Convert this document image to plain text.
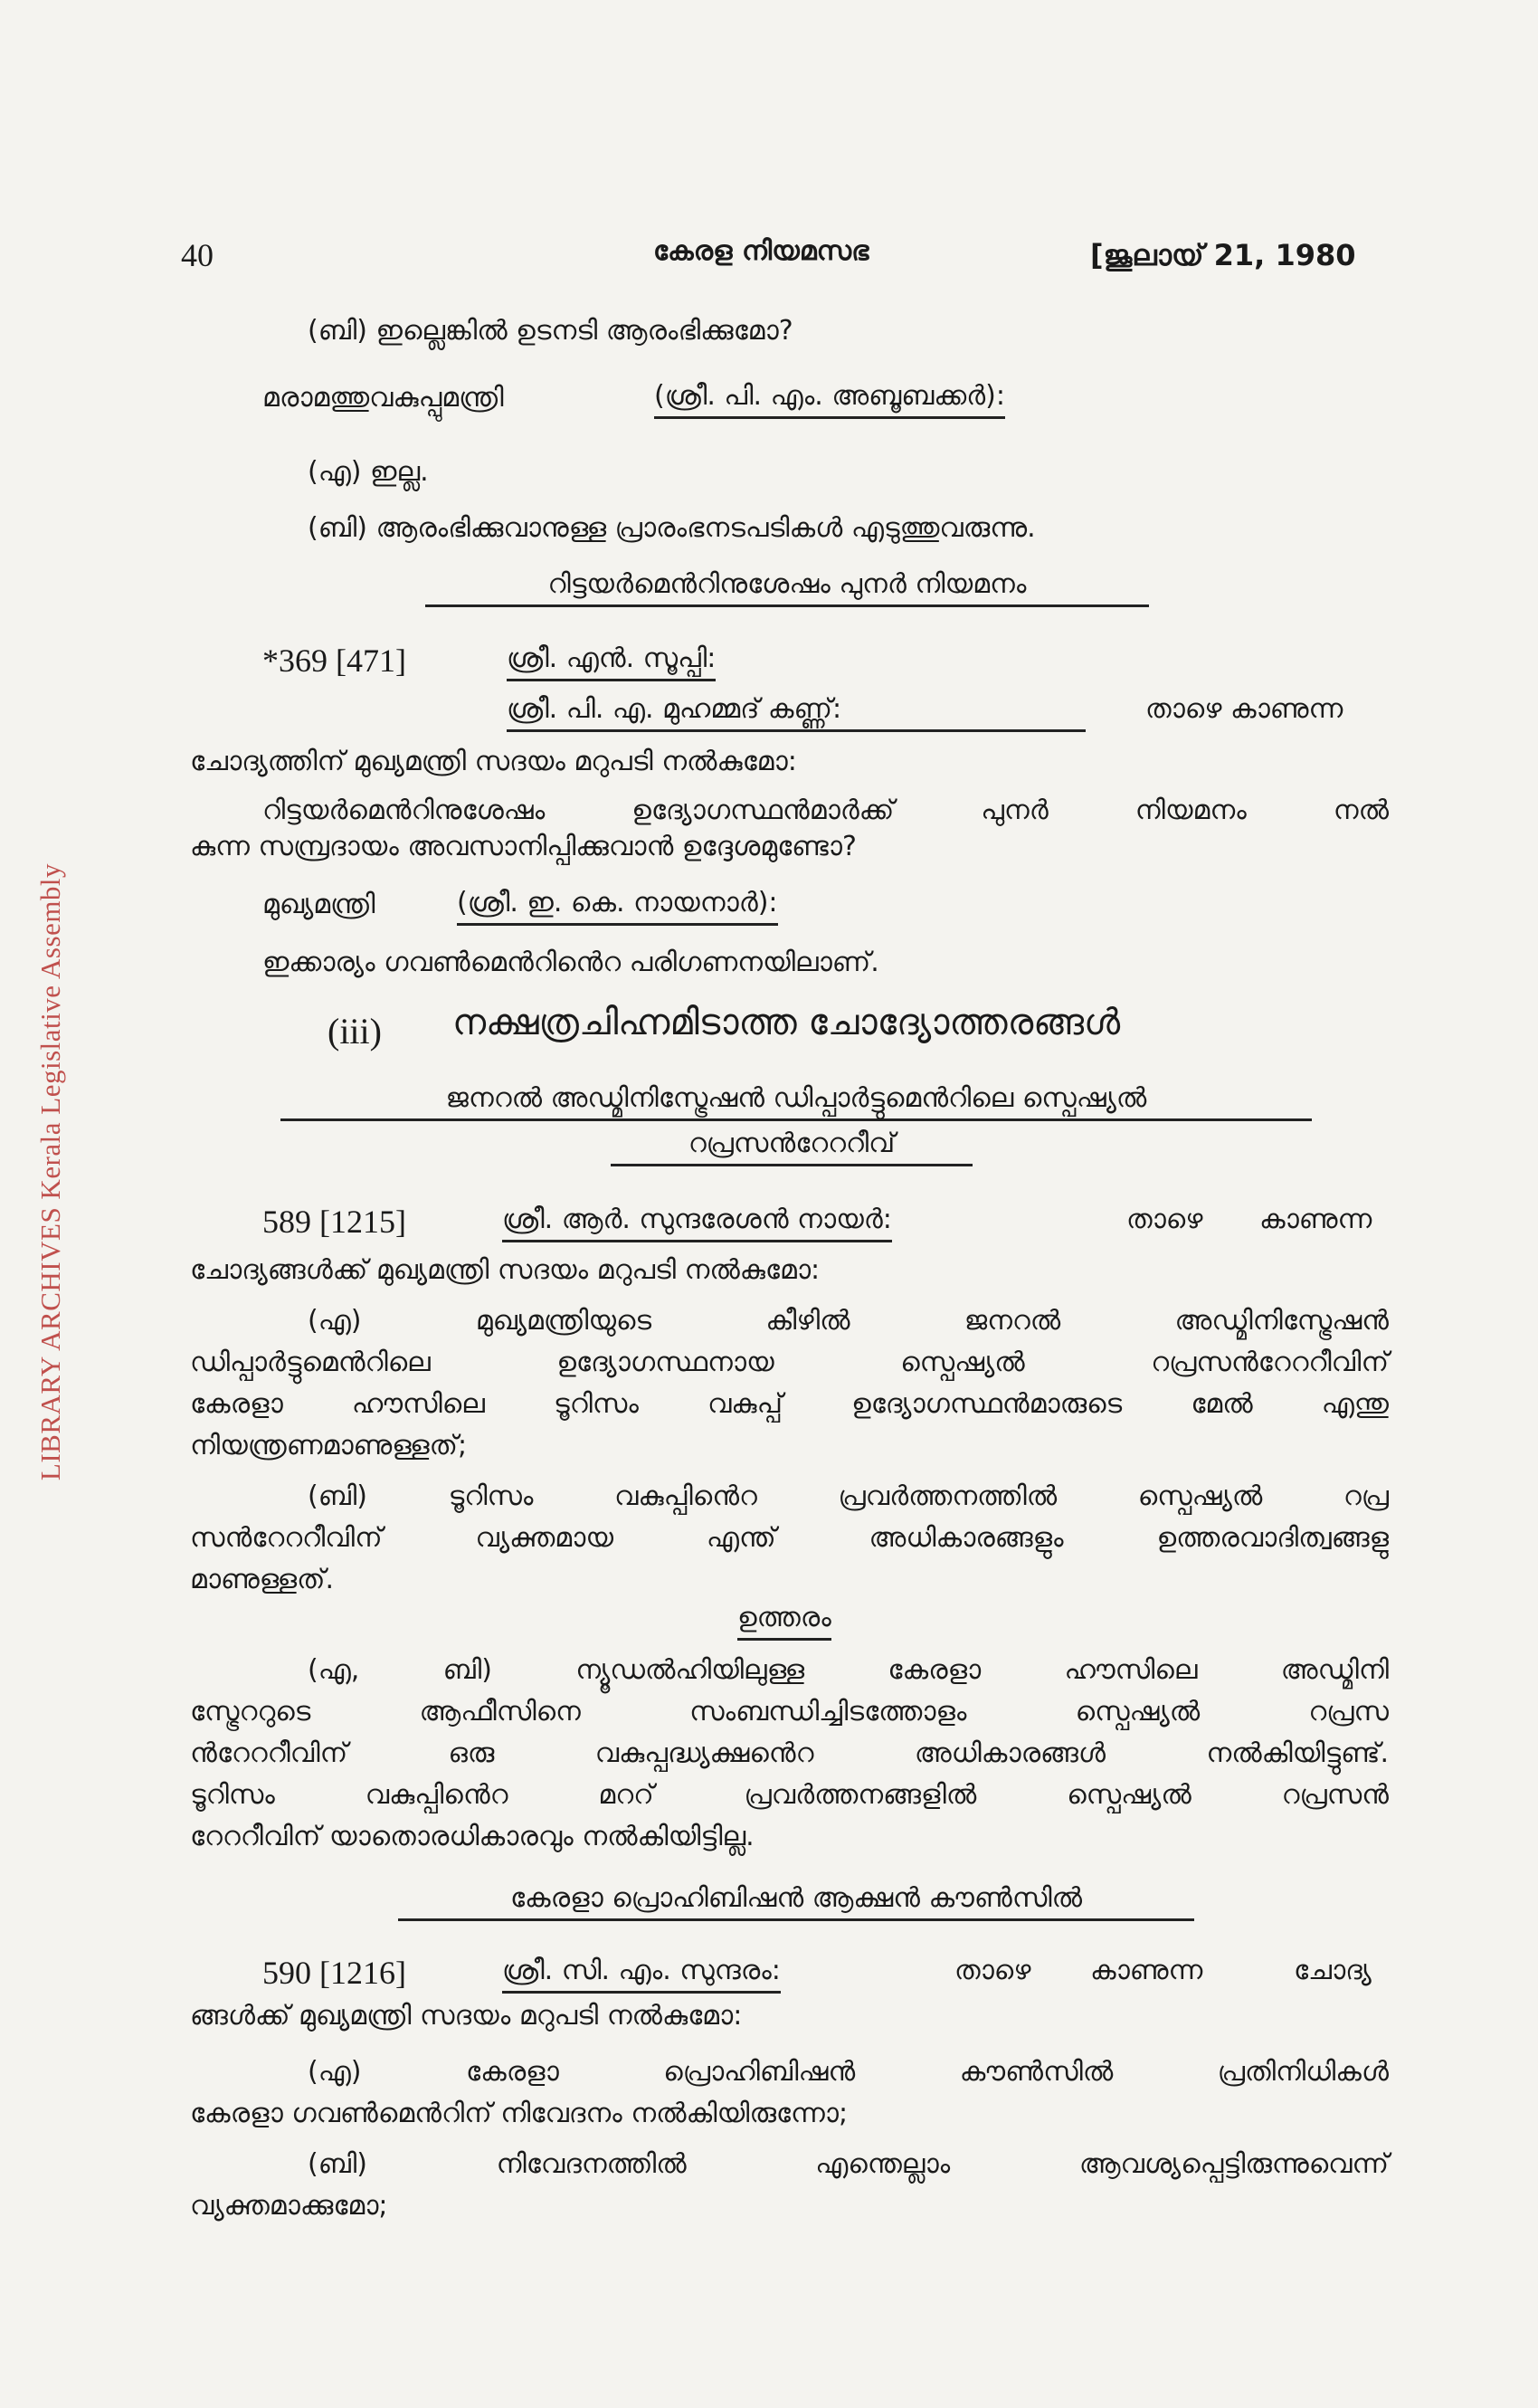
LIBRARY ARCHIVES Kerala Legislative Assembly
40	കേരള നിയമസഭ	[ജൂലായ് 21, 1980
(ബി) ഇല്ലെങ്കിൽ ഉടനടി ആരംഭിക്കുമോ?
മരാമത്തുവകുപ്പുമന്ത്രി	(ശ്രീ. പി. എം. അബൂബക്കർ):
(എ) ഇല്ല.
(ബി) ആരംഭിക്കുവാനുള്ള പ്രാരംഭനടപടികൾ എടുത്തുവരുന്നു.
റിട്ടയർമെൻറിനുശേഷം പുനർ നിയമനം
*369 [471]	ശ്രീ. എൻ. സൂപ്പി:
ശ്രീ. പി. എ. മുഹമ്മദ് കണ്ണ്:	താഴെ കാണുന്ന
ചോദ്യത്തിന് മുഖ്യമന്ത്രി സദയം മറുപടി നൽകുമോ:
റിട്ടയർമെൻറിനുശേഷം ഉദ്യോഗസ്ഥൻമാർക്ക് പുനർ നിയമനം നൽ
കുന്ന സമ്പ്രദായം അവസാനിപ്പിക്കുവാൻ ഉദ്ദേശമുണ്ടോ?
മുഖ്യമന്ത്രി	(ശ്രീ. ഇ. കെ. നായനാർ):
ഇക്കാര്യം ഗവൺമെൻറിൻെറ പരിഗണനയിലാണ്.
(iii) നക്ഷത്രചിഹ്നമിടാത്ത ചോദ്യോത്തരങ്ങൾ
ജനറൽ അഡ്മിനിസ്ട്രേഷൻ ഡിപ്പാർട്ടുമെൻറിലെ സ്പെഷ്യൽ
റപ്രസൻറേററീവ്
589 [1215]	ശ്രീ. ആർ. സുന്ദരേശൻ നായർ:	താഴെ കാണുന്ന
ചോദ്യങ്ങൾക്ക് മുഖ്യമന്ത്രി സദയം മറുപടി നൽകുമോ:
(എ) മുഖ്യമന്ത്രിയുടെ കീഴിൽ ജനറൽ അഡ്മിനിസ്ട്രേഷൻ
ഡിപ്പാർട്ടുമെൻറിലെ ഉദ്യോഗസ്ഥനായ സ്പെഷ്യൽ റപ്രസൻറേററീവിന്
കേരളാ ഹൗസിലെ ടൂറിസം വകുപ്പ് ഉദ്യോഗസ്ഥൻമാരുടെ മേൽ എന്തു
നിയന്ത്രണമാണുള്ളത്;
(ബി) ടൂറിസം വകുപ്പിൻെറ പ്രവർത്തനത്തിൽ സ്പെഷ്യൽ റപ്ര
സൻറേററീവിന് വ്യക്തമായ എന്ത് അധികാരങ്ങളും ഉത്തരവാദിത്വങ്ങളു
മാണുള്ളത്.
ഉത്തരം
(എ, ബി) ന്യൂഡൽഹിയിലുള്ള കേരളാ ഹൗസിലെ അഡ്മിനി
സ്ട്രേററുടെ ആഫീസിനെ സംബന്ധിച്ചിടത്തോളം സ്പെഷ്യൽ റപ്രസ
ൻറേററീവിന് ഒരു വകുപ്പദ്ധ്യക്ഷൻെറ അധികാരങ്ങൾ നൽകിയിട്ടുണ്ട്.
ടൂറിസം വകുപ്പിൻെറ മററ് പ്രവർത്തനങ്ങളിൽ സ്പെഷ്യൽ റപ്രസൻ
റേററീവിന് യാതൊരധികാരവും നൽകിയിട്ടില്ല.
കേരളാ പ്രൊഹിബിഷൻ ആക്ഷൻ കൗൺസിൽ
590 [1216]	ശ്രീ. സി. എം. സുന്ദരം:	താഴെ കാണുന്ന	ചോദ്യ
ങ്ങൾക്ക് മുഖ്യമന്ത്രി സദയം മറുപടി നൽകുമോ:
(എ) കേരളാ പ്രൊഹിബിഷൻ കൗൺസിൽ പ്രതിനിധികൾ
കേരളാ ഗവൺമെൻറിന് നിവേദനം നൽകിയിരുന്നോ;
(ബി) നിവേദനത്തിൽ എന്തെല്ലാം ആവശ്യപ്പെട്ടിരുന്നുവെന്ന്
വ്യക്തമാക്കുമോ;
